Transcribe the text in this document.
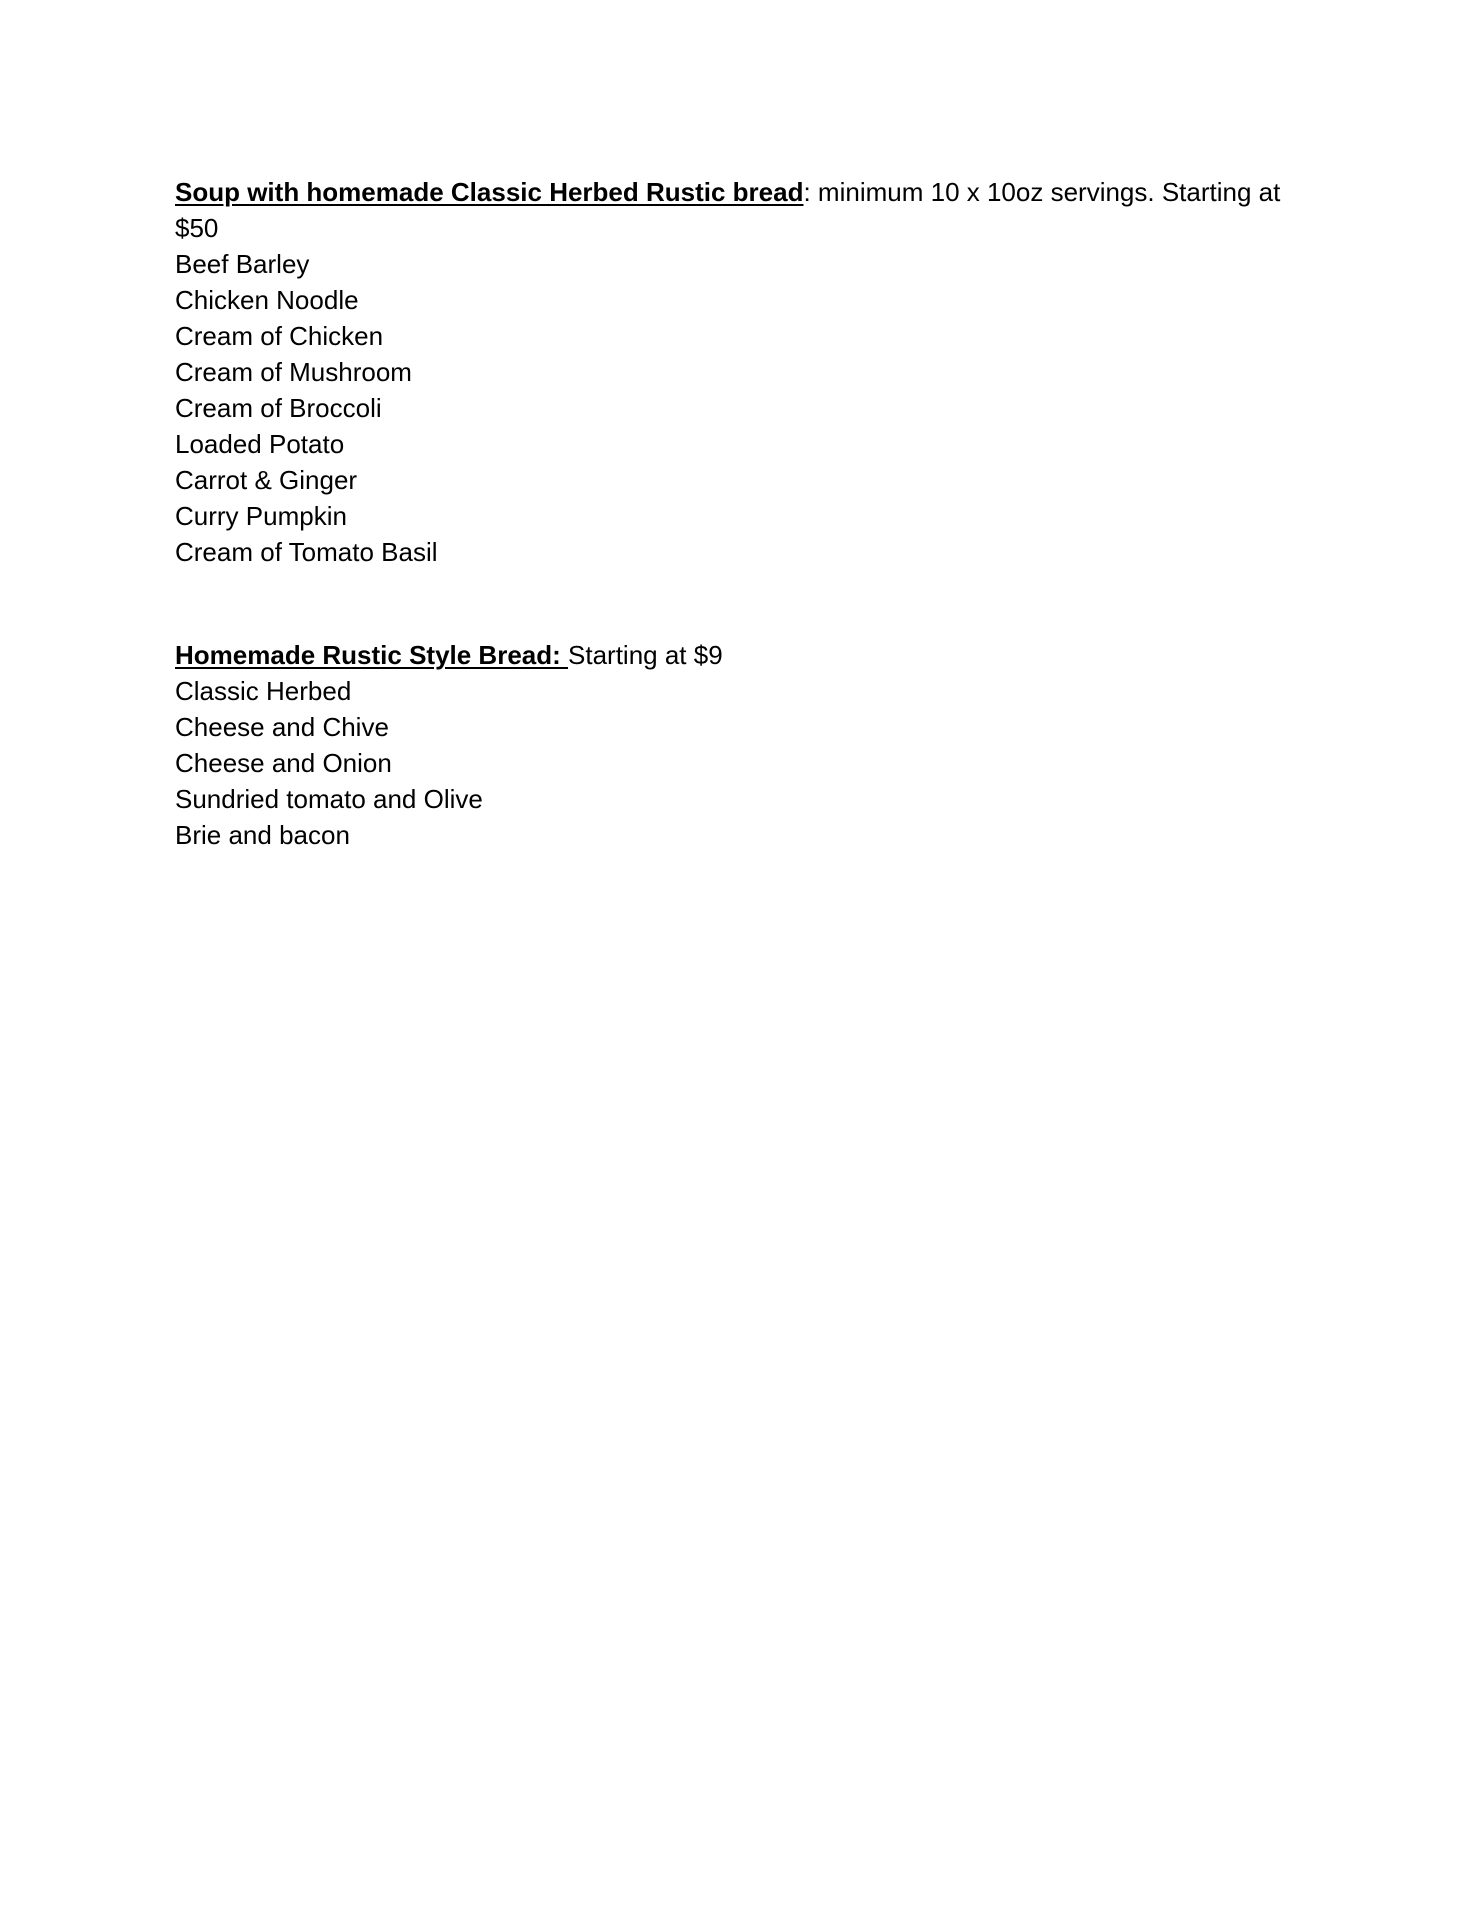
Soup with homemade Classic Herbed Rustic bread: minimum 10 x 10oz servings. Starting at $50

Beef Barley
Chicken Noodle
Cream of Chicken
Cream of Mushroom
Cream of Broccoli
Loaded Potato
Carrot & Ginger
Curry Pumpkin
Cream of Tomato Basil

Homemade Rustic Style Bread: Starting at $9

Classic Herbed
Cheese and Chive
Cheese and Onion
Sundried tomato and Olive
Brie and bacon
